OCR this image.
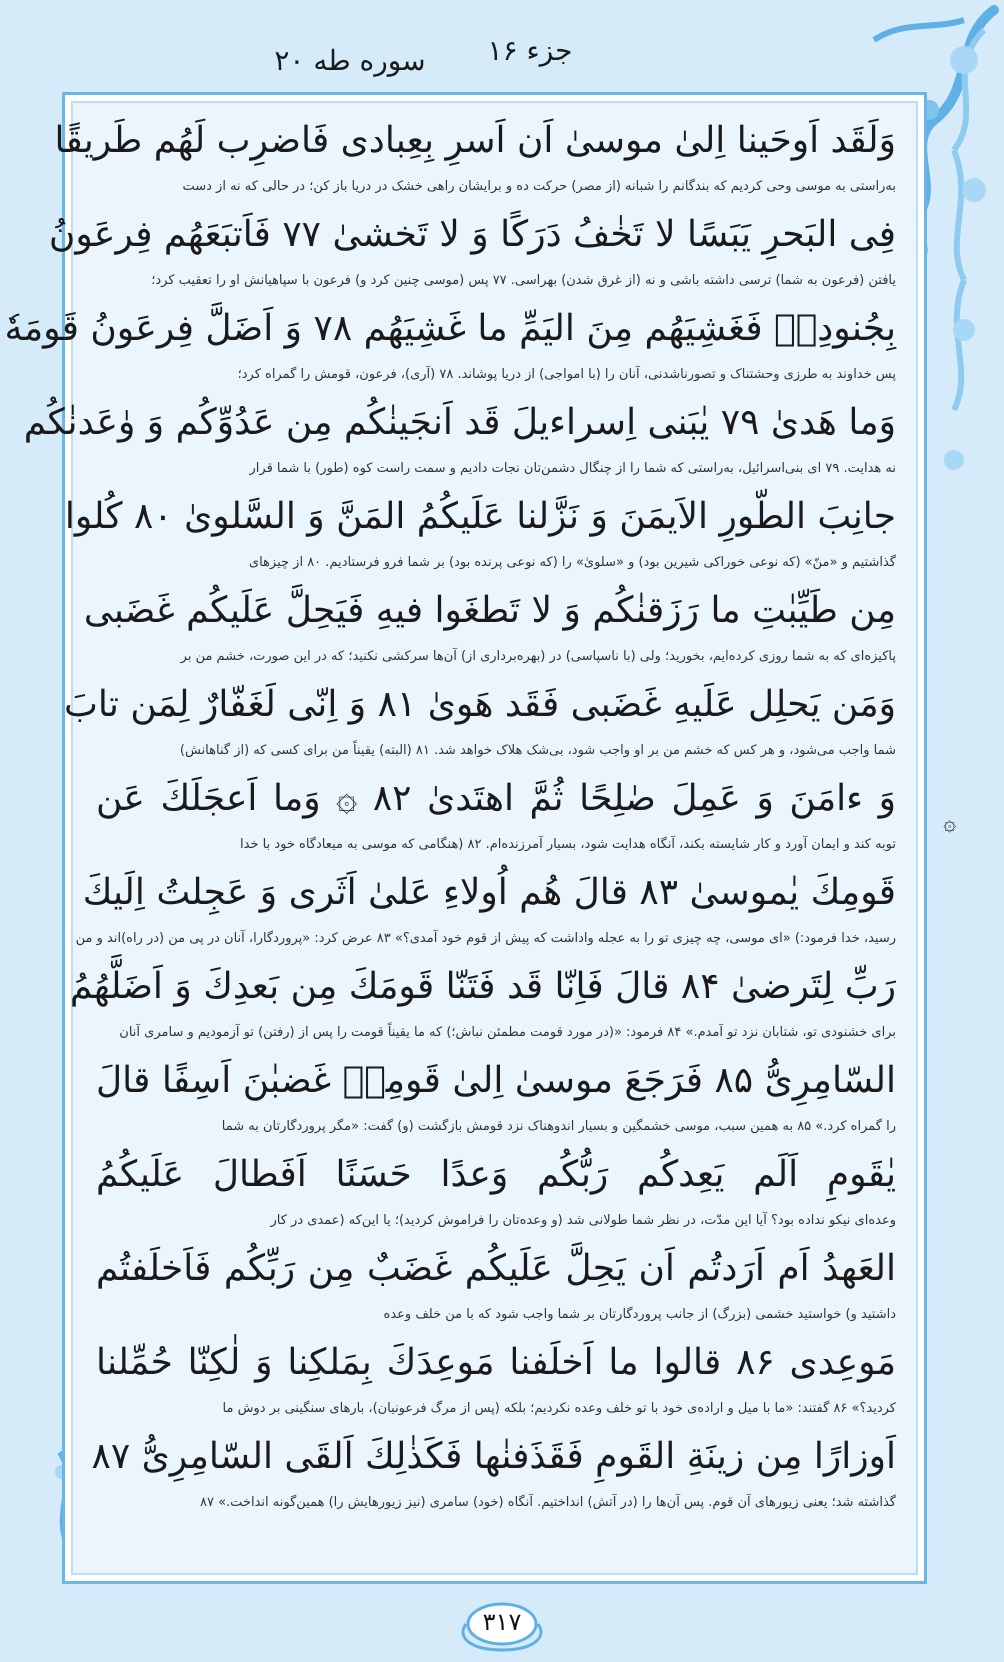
سوره طه ۲۰	جزء ۱۶
وَلَقَد اَوحَينا اِلىٰ موسىٰ اَن اَسرِ بِعِبادى فَاضرِب لَهُم طَريقًا
به‌راستی به موسی وحی کردیم که بندگانم را شبانه (از مصر) حرکت ده و برایشان راهی خشک در دریا باز کن؛ در حالی که نه از دست
فِى البَحرِ يَبَسًا لا تَخٰفُ دَرَكًا وَ لا تَخشىٰ ۷۷ فَاَتبَعَهُم فِرعَونُ
یافتن (فرعون به شما) ترسی داشته باشی و نه (از غرق شدن) بهراسی. ۷۷ پس (موسی چنین کرد و) فرعون با سپاهیانش او را تعقیب کرد؛
بِجُنودِهٖ فَغَشِيَهُم مِنَ اليَمِّ ما غَشِيَهُم ۷۸ وَ اَضَلَّ فِرعَونُ قَومَهٗ
پس خداوند به طرزی وحشتناک و تصورناشدنی، آنان را (با امواجی) از دریا پوشاند. ۷۸ (آری)، فرعون، قومش را گمراه کرد؛
وَما هَدىٰ ۷۹ يٰبَنى اِسراءيلَ قَد اَنجَينٰكُم مِن عَدُوِّكُم وَ وٰعَدنٰكُم
نه هدایت. ۷۹ ای بنی‌اسرائیل، به‌راستی که شما را از چنگال دشمن‌تان نجات دادیم و سمت راست کوه (طور) با شما قرار
جانِبَ الطّورِ الاَيمَنَ وَ نَزَّلنا عَلَيكُمُ المَنَّ وَ السَّلوىٰ ۸۰ كُلوا
گذاشتیم و «منّ» (که نوعی خوراکی شیرین بود) و «سلویٰ» را (که نوعی پرنده بود) بر شما فرو فرستادیم. ۸۰ از چیزهای
مِن طَيِّبٰتِ ما رَزَقنٰكُم وَ لا تَطغَوا فيهِ فَيَحِلَّ عَلَيكُم غَضَبى
پاکیزه‌ای که به شما روزی کرده‌ایم، بخورید؛ ولی (با ناسپاسی) در (بهره‌برداری از) آن‌ها سرکشی نکنید؛ که در این صورت، خشم من بر
وَمَن يَحلِل عَلَيهِ غَضَبى فَقَد هَوىٰ ۸۱ وَ اِنّى لَغَفّارٌ لِمَن تابَ
شما واجب می‌شود، و هر کس که خشم من بر او واجب شود، بی‌شک هلاک خواهد شد. ۸۱ (البته) یقیناً من برای کسی که (از گناهانش)
وَ ءامَنَ وَ عَمِلَ صٰلِحًا ثُمَّ اهتَدىٰ ۸۲ ۞ وَما اَعجَلَكَ عَن
توبه کند و ایمان آورد و کار شایسته بکند، آنگاه هدایت شود، بسیار آمرزنده‌ام. ۸۲ (هنگامی که موسی به میعادگاه خود با خدا
قَومِكَ يٰموسىٰ ۸۳ قالَ هُم اُولاءِ عَلىٰ اَثَرى وَ عَجِلتُ اِلَيكَ
رسید، خدا فرمود:) «ای موسی، چه چیزی تو را به عجله واداشت که پیش از قوم خود آمدی؟» ۸۳ عرض کرد: «پروردگارا، آنان در پی من (در راه)اند و من
رَبِّ لِتَرضىٰ ۸۴ قالَ فَاِنّا قَد فَتَنّا قَومَكَ مِن بَعدِكَ وَ اَضَلَّهُمُ
برای خشنودی تو، شتابان نزد تو آمدم.» ۸۴ فرمود: «(در مورد قومت مطمئن نباش؛) که ما یقیناً قومت را پس از (رفتن) تو آزمودیم و سامری آنان
السّامِرِىُّ ۸۵ فَرَجَعَ موسىٰ اِلىٰ قَومِهٖ غَضبٰنَ اَسِفًا قالَ
را گمراه کرد.» ۸۵ به همین سبب، موسی خشمگین و بسیار اندوهناک نزد قومش بازگشت (و) گفت: «مگر پروردگارتان به شما
يٰقَومِ اَلَم يَعِدكُم رَبُّكُم وَعدًا حَسَنًا اَفَطالَ عَلَيكُمُ
وعده‌ای نیکو نداده بود؟ آیا این مدّت، در نظر شما طولانی شد (و وعده‌تان را فراموش کردید)؛ یا این‌که (عمدی در کار
العَهدُ اَم اَرَدتُم اَن يَحِلَّ عَلَيكُم غَضَبٌ مِن رَبِّكُم فَاَخلَفتُم
داشتید و) خواستید خشمی (بزرگ) از جانب پروردگارتان بر شما واجب شود که با من خلف وعده
مَوعِدى ۸۶ قالوا ما اَخلَفنا مَوعِدَكَ بِمَلكِنا وَ لٰكِنّا حُمِّلنا
کردید؟» ۸۶ گفتند: «ما با میل و اراده‌ی خود با تو خلف وعده نکردیم؛ بلکه (پس از مرگ فرعونیان)، بارهای سنگینی بر دوش ما
اَوزارًا مِن زينَةِ القَومِ فَقَذَفنٰها فَكَذٰلِكَ اَلقَى السّامِرِىُّ ۸۷
گذاشته شد؛ یعنی زیورهای آن قوم. پس آن‌ها را (در آتش) انداختیم. آنگاه (خود) سامری (نیز زیورهایش را) همین‌گونه انداخت.» ۸۷
۞
۳۱۷
